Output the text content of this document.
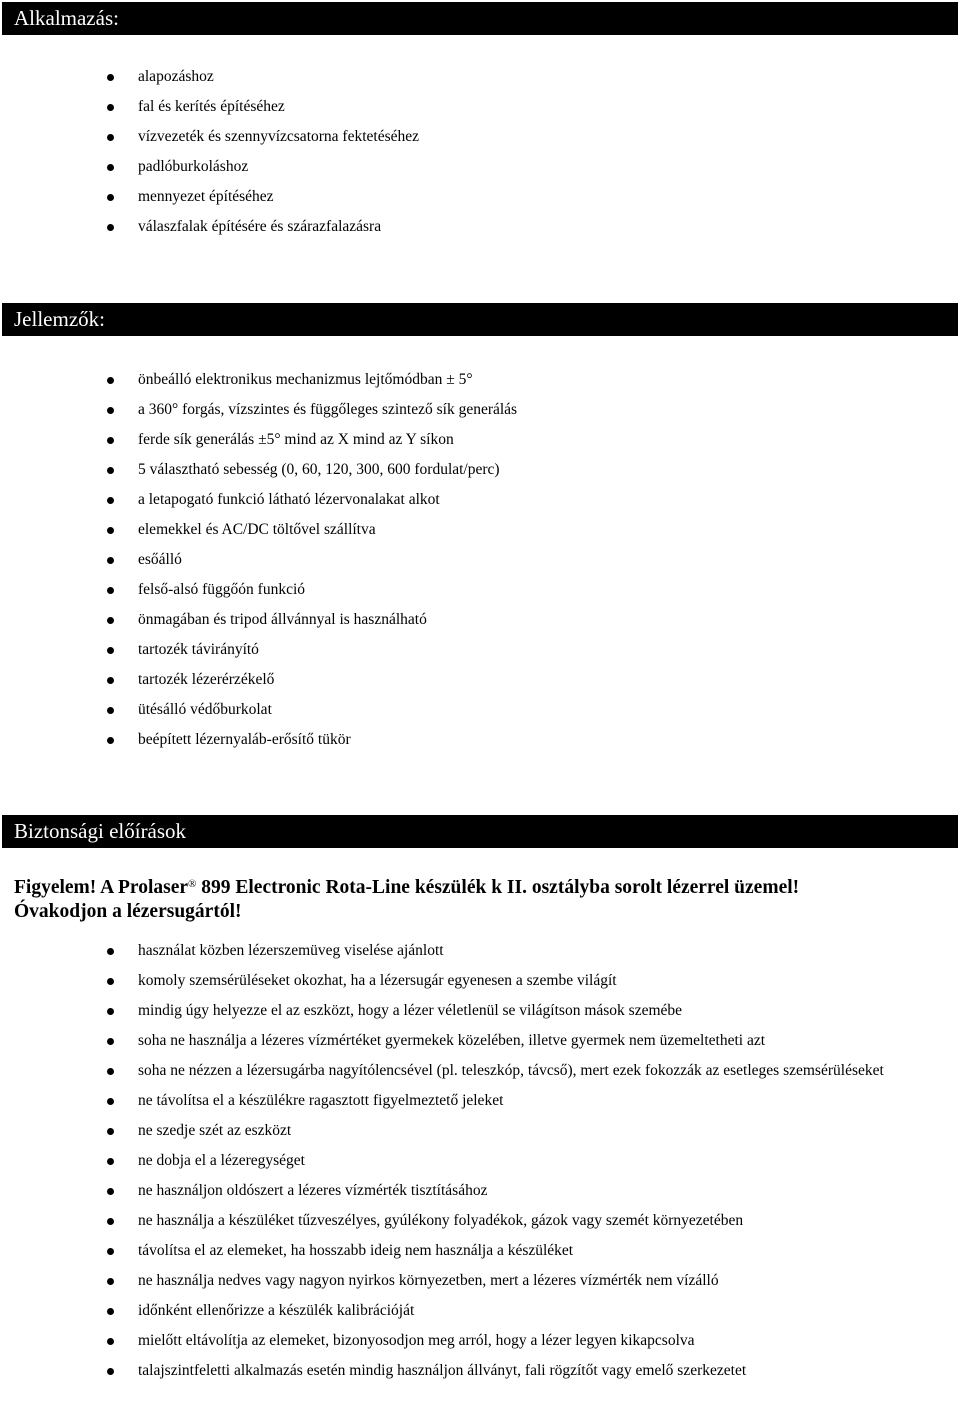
Alkalmazás:
alapozáshoz
fal és kerítés építéséhez
vízvezeték és szennyvízcsatorna fektetéséhez
padlóburkoláshoz
mennyezet építéséhez
válaszfalak építésére és szárazfalazásra
Jellemzők:
önbeálló elektronikus mechanizmus lejtőmódban ± 5°
a 360° forgás, vízszintes és függőleges szintező sík generálás
ferde sík generálás ±5° mind az X mind az Y síkon
5 választható sebesség (0, 60, 120, 300, 600 fordulat/perc)
a letapogató funkció látható lézervonalakat alkot
elemekkel és AC/DC töltővel szállítva
esőálló
felső-alsó függőón funkció
önmagában és tripod állvánnyal is használható
tartozék távirányító
tartozék lézerérzékelő
ütésálló védőburkolat
beépített lézernyaláb-erősítő tükör
Biztonsági előírások
Figyelem! A Prolaser® 899 Electronic Rota-Line készülék k II. osztályba sorolt lézerrel üzemel!
Óvakodjon a lézersugártól!
használat közben lézerszemüveg viselése ajánlott
komoly szemsérüléseket okozhat, ha a lézersugár egyenesen a szembe világít
mindig úgy helyezze el az eszközt, hogy a lézer véletlenül se világítson mások szemébe
soha ne használja a lézeres vízmértéket gyermekek közelében, illetve gyermek nem üzemeltetheti azt
soha ne nézzen a lézersugárba nagyítólencsével (pl. teleszkóp, távcső), mert ezek fokozzák az esetleges szemsérüléseket
ne távolítsa el a készülékre ragasztott figyelmeztető jeleket
ne szedje szét az eszközt
ne dobja el a lézeregységet
ne használjon oldószert a lézeres vízmérték tisztításához
ne használja a készüléket tűzveszélyes, gyúlékony folyadékok, gázok vagy szemét környezetében
távolítsa el az elemeket, ha hosszabb ideig nem használja a készüléket
ne használja nedves vagy nagyon nyirkos környezetben, mert a lézeres vízmérték nem vízálló
időnként ellenőrizze a készülék kalibrációját
mielőtt eltávolítja az elemeket, bizonyosodjon meg arról, hogy a lézer legyen kikapcsolva
talajszintfeletti alkalmazás esetén mindig használjon állványt, fali rögzítőt vagy emelő szerkezetet
